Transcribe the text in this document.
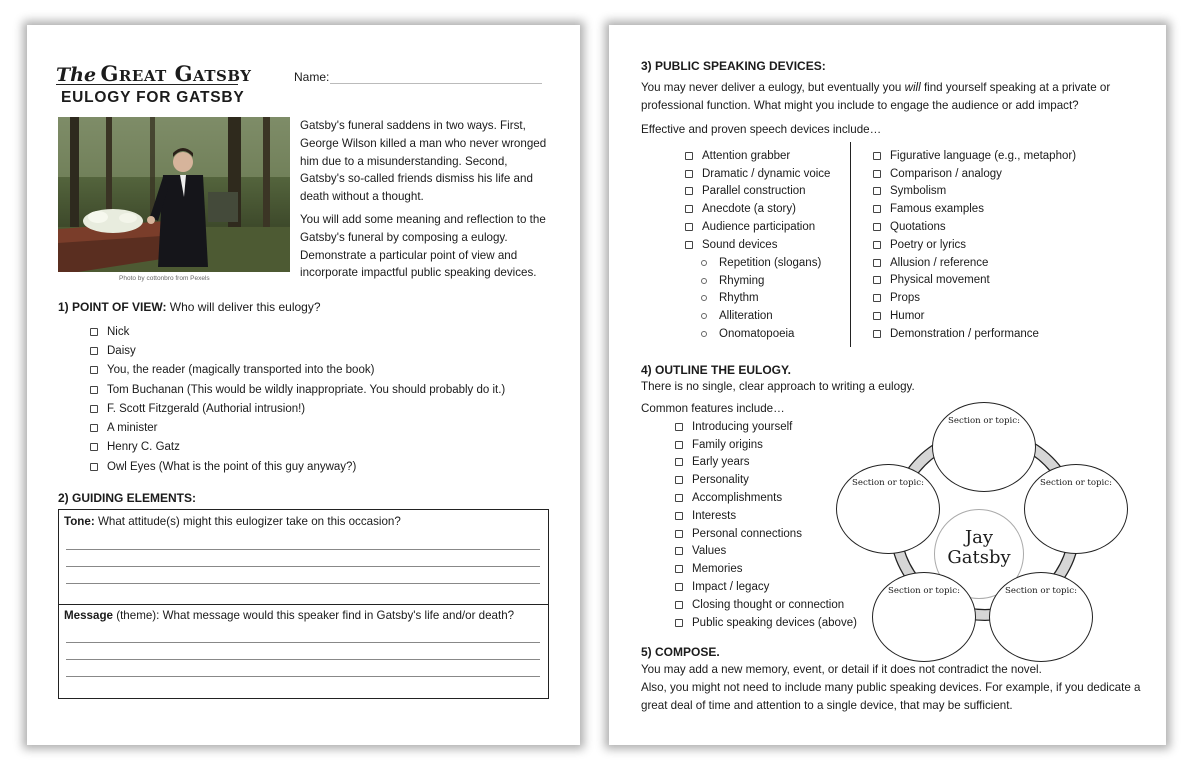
The Great Gatsby
EULOGY FOR GATSBY
Name:
Photo by cottonbro from Pexels
Gatsby's funeral saddens in two ways. First, George Wilson killed a man who never wronged him due to a misunderstanding. Second, Gatsby's so-called friends dismiss his life and death without a thought.
You will add some meaning and reflection to the Gatsby's funeral by composing a eulogy. Demonstrate a particular point of view and incorporate impactful public speaking devices.
1) POINT OF VIEW: Who will deliver this eulogy?
Nick
Daisy
You, the reader (magically transported into the book)
Tom Buchanan (This would be wildly inappropriate. You should probably do it.)
F. Scott Fitzgerald (Authorial intrusion!)
A minister
Henry C. Gatz
Owl Eyes (What is the point of this guy anyway?)
2) GUIDING ELEMENTS:
Tone: What attitude(s) might this eulogizer take on this occasion?
Message (theme): What message would this speaker find in Gatsby's life and/or death?
3) PUBLIC SPEAKING DEVICES:
You may never deliver a eulogy, but eventually you will find yourself speaking at a private or professional function. What might you include to engage the audience or add impact?
Effective and proven speech devices include…
Attention grabber
Dramatic / dynamic voice
Parallel construction
Anecdote (a story)
Audience participation
Sound devices
Repetition (slogans)
Rhyming
Rhythm
Alliteration
Onomatopoeia
Figurative language (e.g., metaphor)
Comparison / analogy
Symbolism
Famous examples
Quotations
Poetry or lyrics
Allusion / reference
Physical movement
Props
Humor
Demonstration / performance
4) OUTLINE THE EULOGY.
There is no single, clear approach to writing a eulogy.
Common features include…
Introducing yourself
Family origins
Early years
Personality
Accomplishments
Interests
Personal connections
Values
Memories
Impact / legacy
Closing thought or connection
Public speaking devices (above)
Jay
Gatsby
Section or topic:
Section or topic:
Section or topic:
Section or topic:
Section or topic:
5) COMPOSE.
You may add a new memory, event, or detail if it does not contradict the novel.
Also, you might not need to include many public speaking devices. For example, if you dedicate a great deal of time and attention to a single device, that may be sufficient.
